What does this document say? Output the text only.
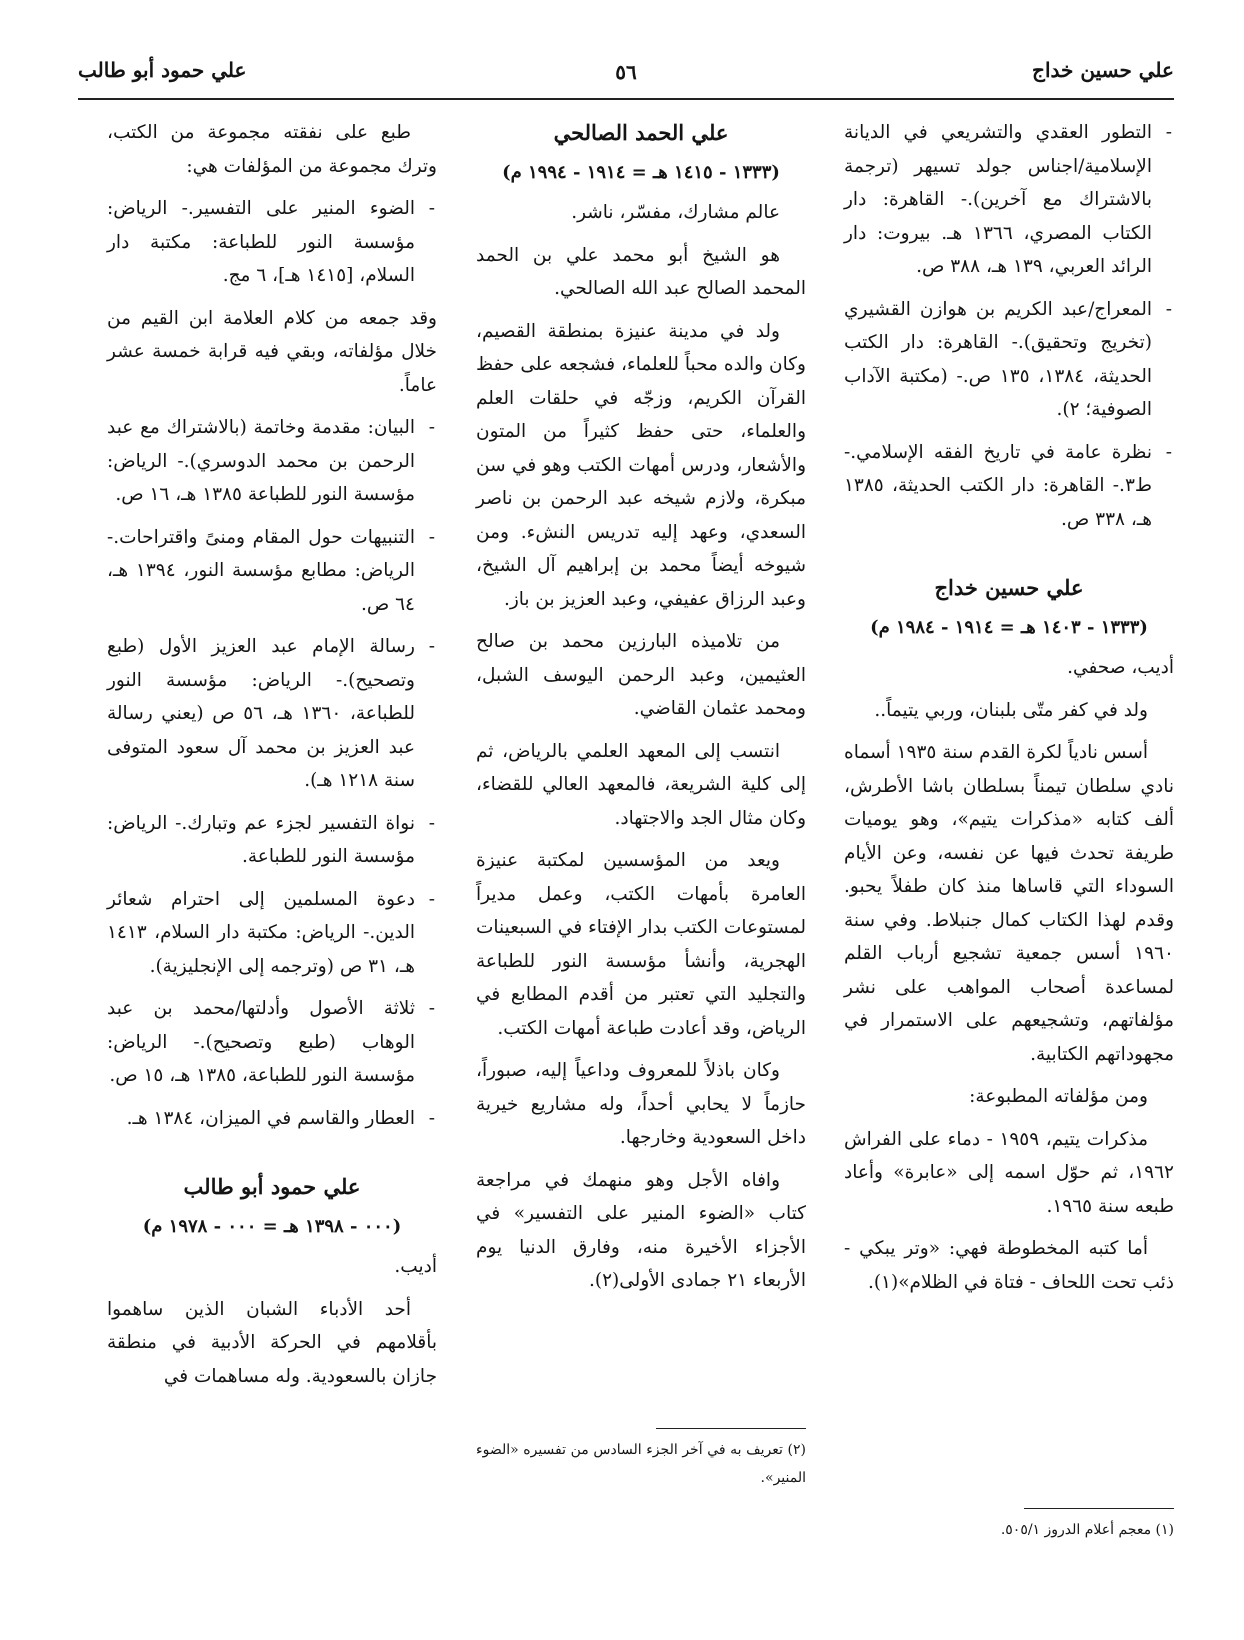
علي حسين خداج
٥٦
علي حمود أبو طالب
- التطور العقدي والتشريعي في الديانة الإسلامية/اجناس جولد تسيهر (ترجمة بالاشتراك مع آخرين).- القاهرة: دار الكتاب المصري، ١٣٦٦ هـ. بيروت: دار الرائد العربي، ١٣٩ هـ، ٣٨٨ ص.
- المعراج/عبد الكريم بن هوازن القشيري (تخريج وتحقيق).- القاهرة: دار الكتب الحديثة، ١٣٨٤، ١٣٥ ص.- (مكتبة الآداب الصوفية؛ ٢).
- نظرة عامة في تاريخ الفقه الإسلامي.- ط٣.- القاهرة: دار الكتب الحديثة، ١٣٨٥ هـ، ٣٣٨ ص.
علي حسين خداج
(١٣٣٣ - ١٤٠٣ هـ = ١٩١٤ - ١٩٨٤ م)

أديب، صحفي.

ولد في كفر متّى بلبنان، وربي يتيماً..

أسس نادياً لكرة القدم سنة ١٩٣٥ أسماه نادي سلطان تيمناً بسلطان باشا الأطرش، ألف كتابه «مذكرات يتيم»، وهو يوميات طريفة تحدث فيها عن نفسه، وعن الأيام السوداء التي قاساها منذ كان طفلاً يحبو. وقدم لهذا الكتاب كمال جنبلاط. وفي سنة ١٩٦٠ أسس جمعية تشجيع أرباب القلم لمساعدة أصحاب المواهب على نشر مؤلفاتهم، وتشجيعهم على الاستمرار في مجهوداتهم الكتابية.

ومن مؤلفاته المطبوعة:

مذكرات يتيم، ١٩٥٩ - دماء على الفراش ١٩٦٢، ثم حوّل اسمه إلى «عابرة» وأعاد طبعه سنة ١٩٦٥.

أما كتبه المخطوطة فهي: «وتر يبكي - ذئب تحت اللحاف - فتاة في الظلام»(١).

(١) معجم أعلام الدروز ٥٠٥/١.
علي الحمد الصالحي
(١٣٣٣ - ١٤١٥ هـ = ١٩١٤ - ١٩٩٤ م)

عالم مشارك، مفسّر، ناشر.

هو الشيخ أبو محمد علي بن الحمد المحمد الصالح عبد الله الصالحي.

ولد في مدينة عنيزة بمنطقة القصيم، وكان والده محباً للعلماء، فشجعه على حفظ القرآن الكريم، وزجّه في حلقات العلم والعلماء، حتى حفظ كثيراً من المتون والأشعار، ودرس أمهات الكتب وهو في سن مبكرة، ولازم شيخه عبد الرحمن بن ناصر السعدي، وعهد إليه تدريس النشء. ومن شيوخه أيضاً محمد بن إبراهيم آل الشيخ، وعبد الرزاق عفيفي، وعبد العزيز بن باز.

من تلاميذه البارزين محمد بن صالح العثيمين، وعبد الرحمن اليوسف الشبل، ومحمد عثمان القاضي.

انتسب إلى المعهد العلمي بالرياض، ثم إلى كلية الشريعة، فالمعهد العالي للقضاء، وكان مثال الجد والاجتهاد.

ويعد من المؤسسين لمكتبة عنيزة العامرة بأمهات الكتب، وعمل مديراً لمستوعات الكتب بدار الإفتاء في السبعينات الهجرية، وأنشأ مؤسسة النور للطباعة والتجليد التي تعتبر من أقدم المطابع في الرياض، وقد أعادت طباعة أمهات الكتب.

وكان باذلاً للمعروف وداعياً إليه، صبوراً، حازماً لا يحابي أحداً، وله مشاريع خيرية داخل السعودية وخارجها.

وافاه الأجل وهو منهمك في مراجعة كتاب «الضوء المنير على التفسير» في الأجزاء الأخيرة منه، وفارق الدنيا يوم الأربعاء ٢١ جمادى الأولى(٢).

(٢) تعريف به في آخر الجزء السادس من تفسيره «الضوء المنير».

طبع على نفقته مجموعة من الكتب، وترك مجموعة من المؤلفات هي:

- الضوء المنير على التفسير.- الرياض: مؤسسة النور للطباعة: مكتبة دار السلام، [١٤١٥ هـ]، ٦ مج.

وقد جمعه من كلام العلامة ابن القيم من خلال مؤلفاته، وبقي فيه قرابة خمسة عشر عاماً.

- البيان: مقدمة وخاتمة (بالاشتراك مع عبد الرحمن بن محمد الدوسري).- الرياض: مؤسسة النور للطباعة ١٣٨٥ هـ، ١٦ ص.
- التنبيهات حول المقام ومنىً واقتراحات.- الرياض: مطابع مؤسسة النور، ١٣٩٤ هـ، ٦٤ ص.
- رسالة الإمام عبد العزيز الأول (طبع وتصحيح).- الرياض: مؤسسة النور للطباعة، ١٣٦٠ هـ، ٥٦ ص (يعني رسالة عبد العزيز بن محمد آل سعود المتوفى سنة ١٢١٨ هـ).
- نواة التفسير لجزء عم وتبارك.- الرياض: مؤسسة النور للطباعة.
- دعوة المسلمين إلى احترام شعائر الدين.- الرياض: مكتبة دار السلام، ١٤١٣ هـ، ٣١ ص (وترجمه إلى الإنجليزية).
- ثلاثة الأصول وأدلتها/محمد بن عبد الوهاب (طبع وتصحيح).- الرياض: مؤسسة النور للطباعة، ١٣٨٥ هـ، ١٥ ص.
- العطار والقاسم في الميزان، ١٣٨٤ هـ.
علي حمود أبو طالب
(٠٠٠ - ١٣٩٨ هـ = ٠٠٠ - ١٩٧٨ م)

أديب.

أحد الأدباء الشبان الذين ساهموا بأقلامهم في الحركة الأدبية في منطقة جازان بالسعودية. وله مساهمات في
